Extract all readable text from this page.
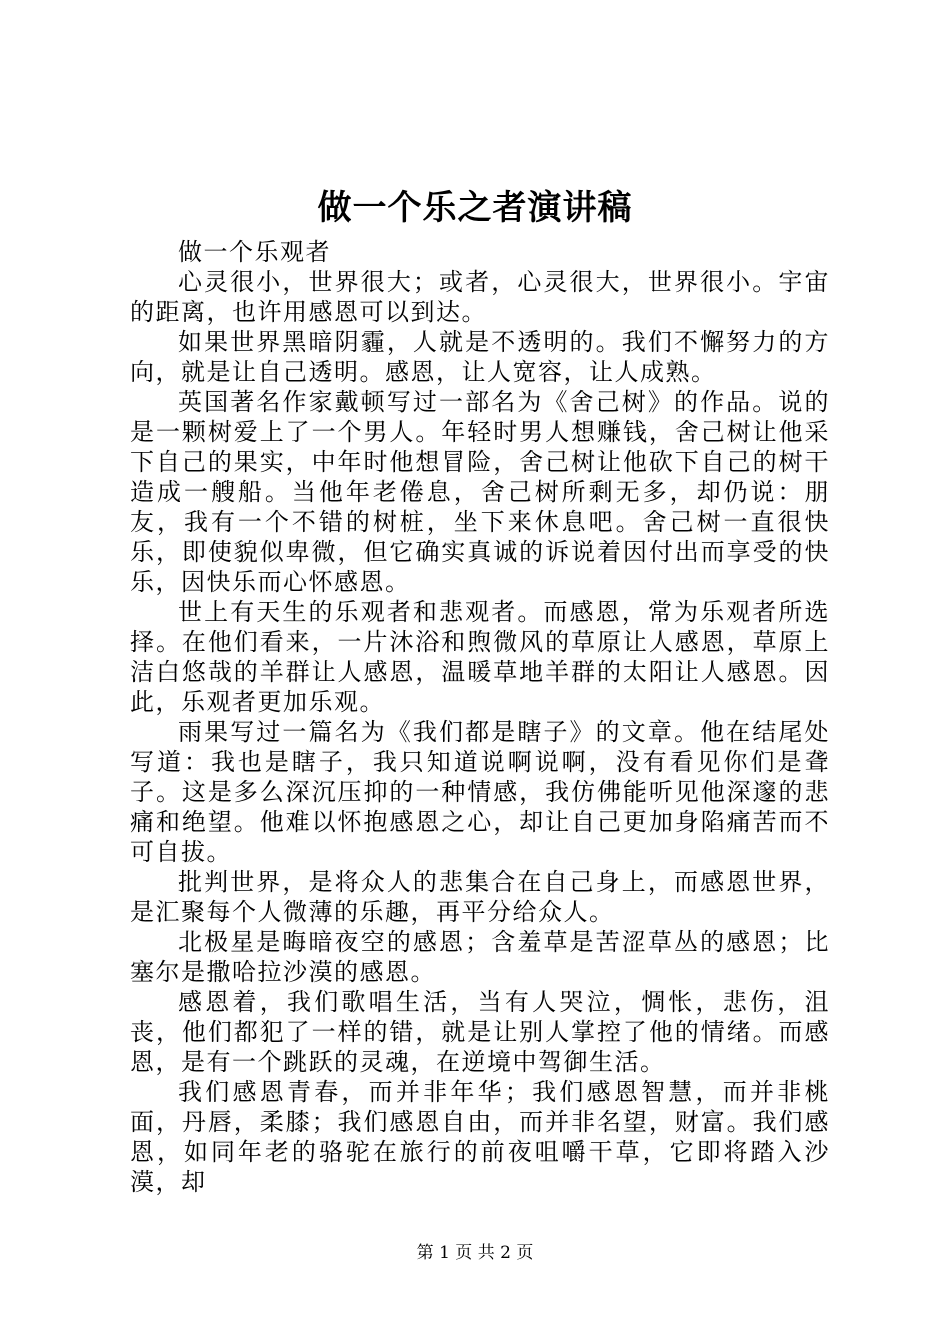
做一个乐之者演讲稿

做一个乐观者

心灵很小，世界很大；或者，心灵很大，世界很小。宇宙的距离，也许用感恩可以到达。

如果世界黑暗阴霾，人就是不透明的。我们不懈努力的方向，就是让自己透明。感恩，让人宽容，让人成熟。

英国著名作家戴顿写过一部名为《舍己树》的作品。说的是一颗树爱上了一个男人。年轻时男人想赚钱，舍己树让他采下自己的果实，中年时他想冒险，舍己树让他砍下自己的树干造成一艘船。当他年老倦息，舍己树所剩无多，却仍说：朋友，我有一个不错的树桩，坐下来休息吧。舍己树一直很快乐，即使貌似卑微，但它确实真诚的诉说着因付出而享受的快乐，因快乐而心怀感恩。

世上有天生的乐观者和悲观者。而感恩，常为乐观者所选择。在他们看来，一片沐浴和煦微风的草原让人感恩，草原上洁白悠哉的羊群让人感恩，温暖草地羊群的太阳让人感恩。因此，乐观者更加乐观。

雨果写过一篇名为《我们都是瞎子》的文章。他在结尾处写道：我也是瞎子，我只知道说啊说啊，没有看见你们是聋子。这是多么深沉压抑的一种情感，我仿佛能听见他深邃的悲痛和绝望。他难以怀抱感恩之心，却让自己更加身陷痛苦而不可自拔。

批判世界，是将众人的悲集合在自己身上，而感恩世界，是汇聚每个人微薄的乐趣，再平分给众人。

北极星是晦暗夜空的感恩；含羞草是苦涩草丛的感恩；比塞尔是撒哈拉沙漠的感恩。

感恩着，我们歌唱生活，当有人哭泣，惆怅，悲伤，沮丧，他们都犯了一样的错，就是让别人掌控了他的情绪。而感恩，是有一个跳跃的灵魂，在逆境中驾御生活。

我们感恩青春，而并非年华；我们感恩智慧，而并非桃面，丹唇，柔膝；我们感恩自由，而并非名望，财富。我们感恩，如同年老的骆驼在旅行的前夜咀嚼干草，它即将踏入沙漠，却

第 1 页 共 2 页
